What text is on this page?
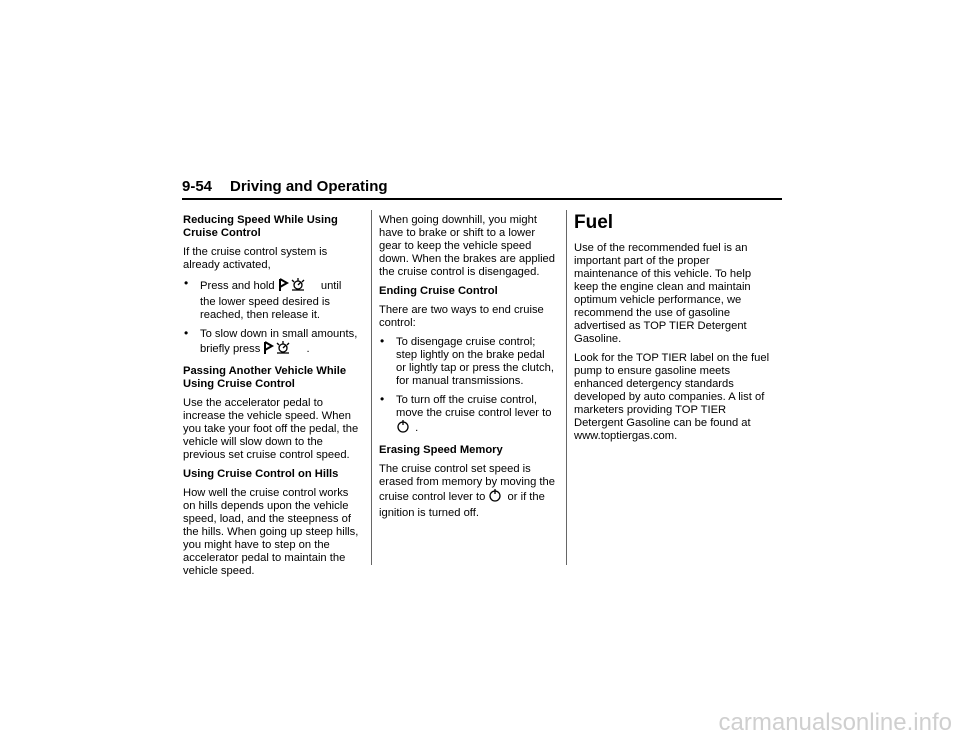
9-54 Driving and Operating
Reducing Speed While Using Cruise Control

If the cruise control system is already activated,

• Press and hold	until the lower speed desired is reached, then release it.
• To slow down in small amounts, briefly press	.
Passing Another Vehicle While Using Cruise Control

Use the accelerator pedal to increase the vehicle speed. When you take your foot off the pedal, the vehicle will slow down to the previous set cruise control speed.

Using Cruise Control on Hills

How well the cruise control works on hills depends upon the vehicle speed, load, and the steepness of the hills. When going up steep hills, you might have to step on the accelerator pedal to maintain the vehicle speed.

When going downhill, you might have to brake or shift to a lower gear to keep the vehicle speed down. When the brakes are applied the cruise control is disengaged.

Ending Cruise Control

There are two ways to end cruise control:

• To disengage cruise control; step lightly on the brake pedal or lightly tap or press the clutch, for manual transmissions.
• To turn off the cruise control, move the cruise control lever to  .
Erasing Speed Memory

The cruise control set speed is erased from memory by moving the cruise control lever to or if the ignition is turned off.

Fuel

Use of the recommended fuel is an important part of the proper maintenance of this vehicle. To help keep the engine clean and maintain optimum vehicle performance, we recommend the use of gasoline advertised as TOP TIER Detergent Gasoline.

Look for the TOP TIER label on the fuel pump to ensure gasoline meets enhanced detergency standards developed by auto companies. A list of marketers providing TOP TIER Detergent Gasoline can be found at www.toptiergas.com.

carmanualsonline.info
